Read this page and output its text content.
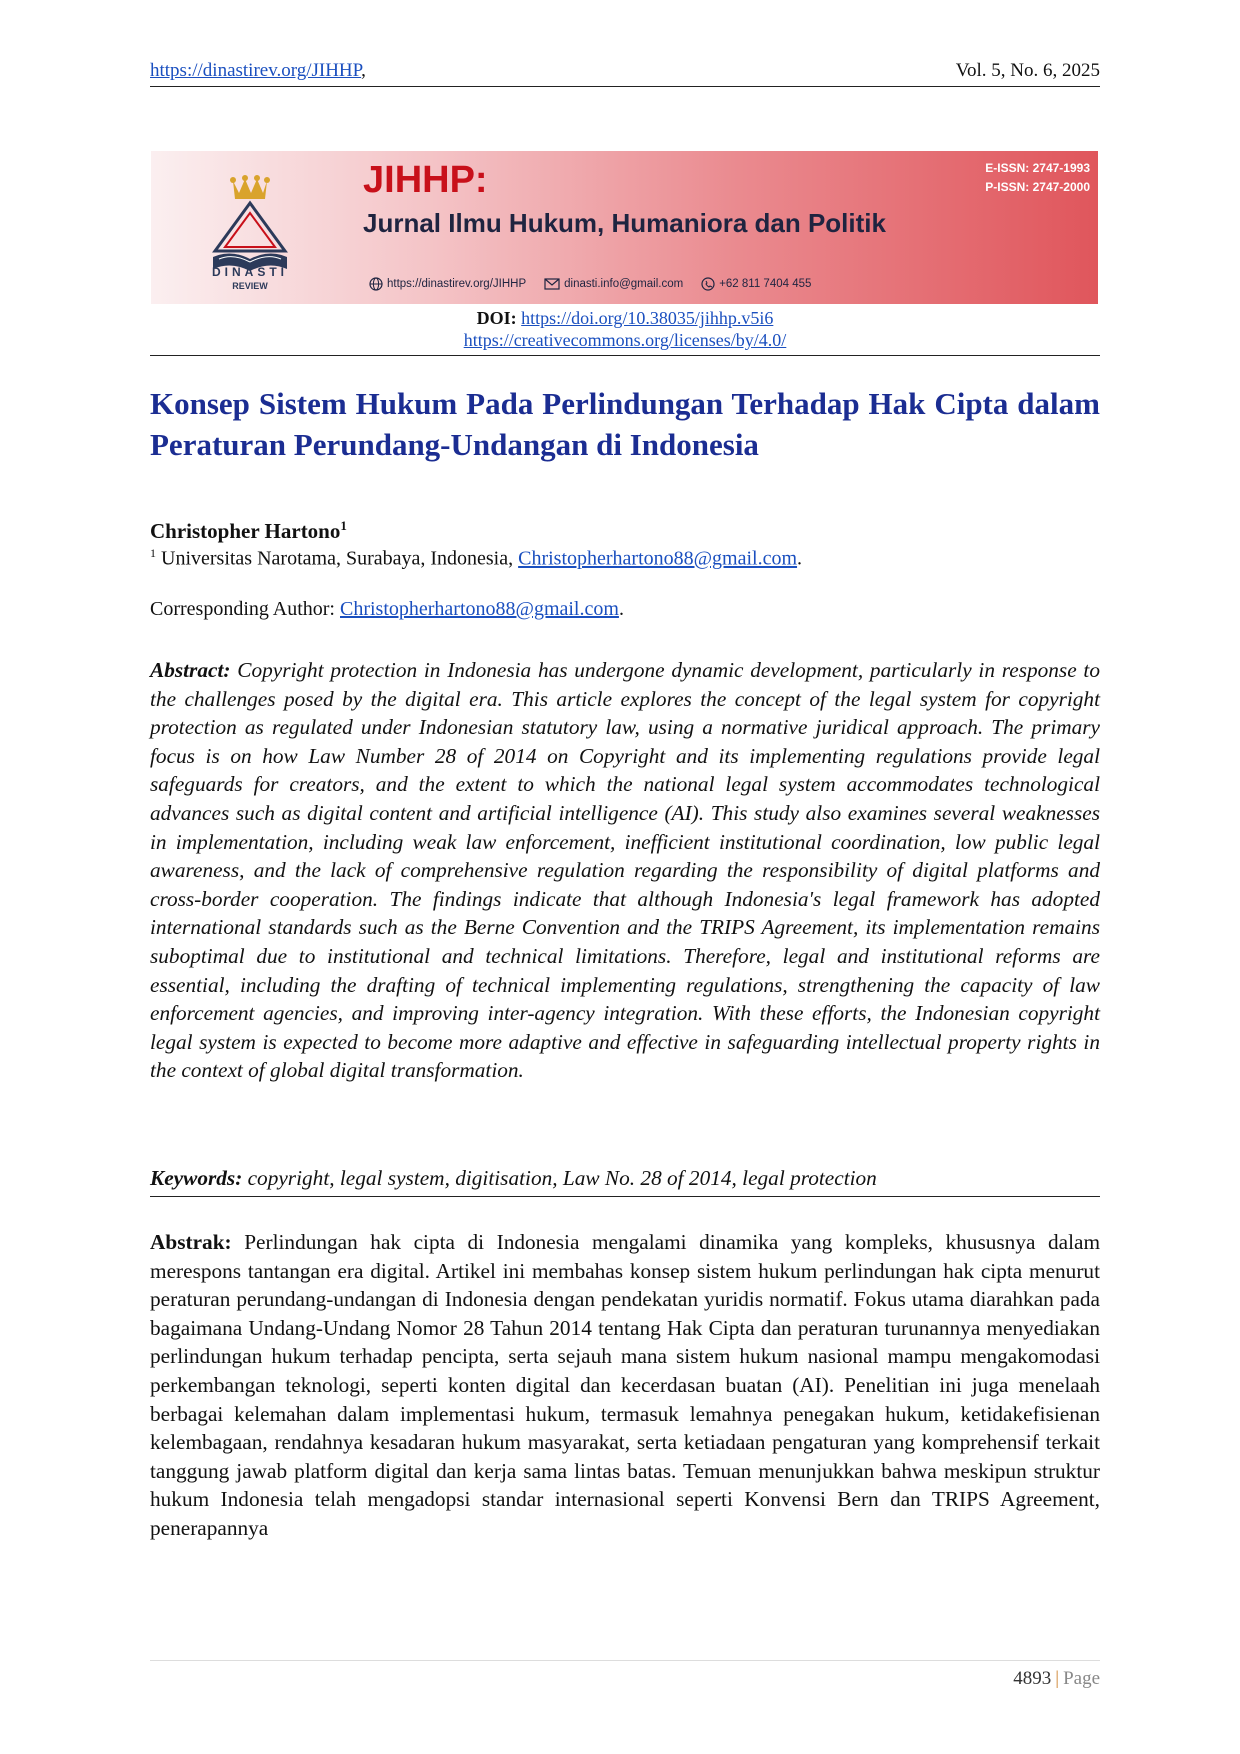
https://dinastirev.org/JIHHP,	Vol. 5, No. 6, 2025
DINASTI
REVIEW
JIHHP:
Jurnal Ilmu Hukum, Humaniora dan Politik
E-ISSN: 2747-1993
P-ISSN: 2747-2000
https://dinastirev.org/JIHHP	dinasti.info@gmail.com	+62 811 7404 455
DOI: https://doi.org/10.38035/jihhp.v5i6
https://creativecommons.org/licenses/by/4.0/
Konsep Sistem Hukum Pada Perlindungan Terhadap Hak Cipta dalam Peraturan Perundang-Undangan di Indonesia
Christopher Hartono$^1$
$^1$ Universitas Narotama, Surabaya, Indonesia, Christopherhartono88@gmail.com.
Corresponding Author: Christopherhartono88@gmail.com.

Abstract: Copyright protection in Indonesia has undergone dynamic development, particularly in response to the challenges posed by the digital era. This article explores the concept of the legal system for copyright protection as regulated under Indonesian statutory law, using a normative juridical approach. The primary focus is on how Law Number 28 of 2014 on Copyright and its implementing regulations provide legal safeguards for creators, and the extent to which the national legal system accommodates technological advances such as digital content and artificial intelligence (AI). This study also examines several weaknesses in implementation, including weak law enforcement, inefficient institutional coordination, low public legal awareness, and the lack of comprehensive regulation regarding the responsibility of digital platforms and cross-border cooperation. The findings indicate that although Indonesia's legal framework has adopted international standards such as the Berne Convention and the TRIPS Agreement, its implementation remains suboptimal due to institutional and technical limitations. Therefore, legal and institutional reforms are essential, including the drafting of technical implementing regulations, strengthening the capacity of law enforcement agencies, and improving inter-agency integration. With these efforts, the Indonesian copyright legal system is expected to become more adaptive and effective in safeguarding intellectual property rights in the context of global digital transformation.

Keywords: copyright, legal system, digitisation, Law No. 28 of 2014, legal protection

Abstrak: Perlindungan hak cipta di Indonesia mengalami dinamika yang kompleks, khususnya dalam merespons tantangan era digital. Artikel ini membahas konsep sistem hukum perlindungan hak cipta menurut peraturan perundang-undangan di Indonesia dengan pendekatan yuridis normatif. Fokus utama diarahkan pada bagaimana Undang-Undang Nomor 28 Tahun 2014 tentang Hak Cipta dan peraturan turunannya menyediakan perlindungan hukum terhadap pencipta, serta sejauh mana sistem hukum nasional mampu mengakomodasi perkembangan teknologi, seperti konten digital dan kecerdasan buatan (AI). Penelitian ini juga menelaah berbagai kelemahan dalam implementasi hukum, termasuk lemahnya penegakan hukum, ketidakefisienan kelembagaan, rendahnya kesadaran hukum masyarakat, serta ketiadaan pengaturan yang komprehensif terkait tanggung jawab platform digital dan kerja sama lintas batas. Temuan menunjukkan bahwa meskipun struktur hukum Indonesia telah mengadopsi standar internasional seperti Konvensi Bern dan TRIPS Agreement, penerapannya

4893 | Page
